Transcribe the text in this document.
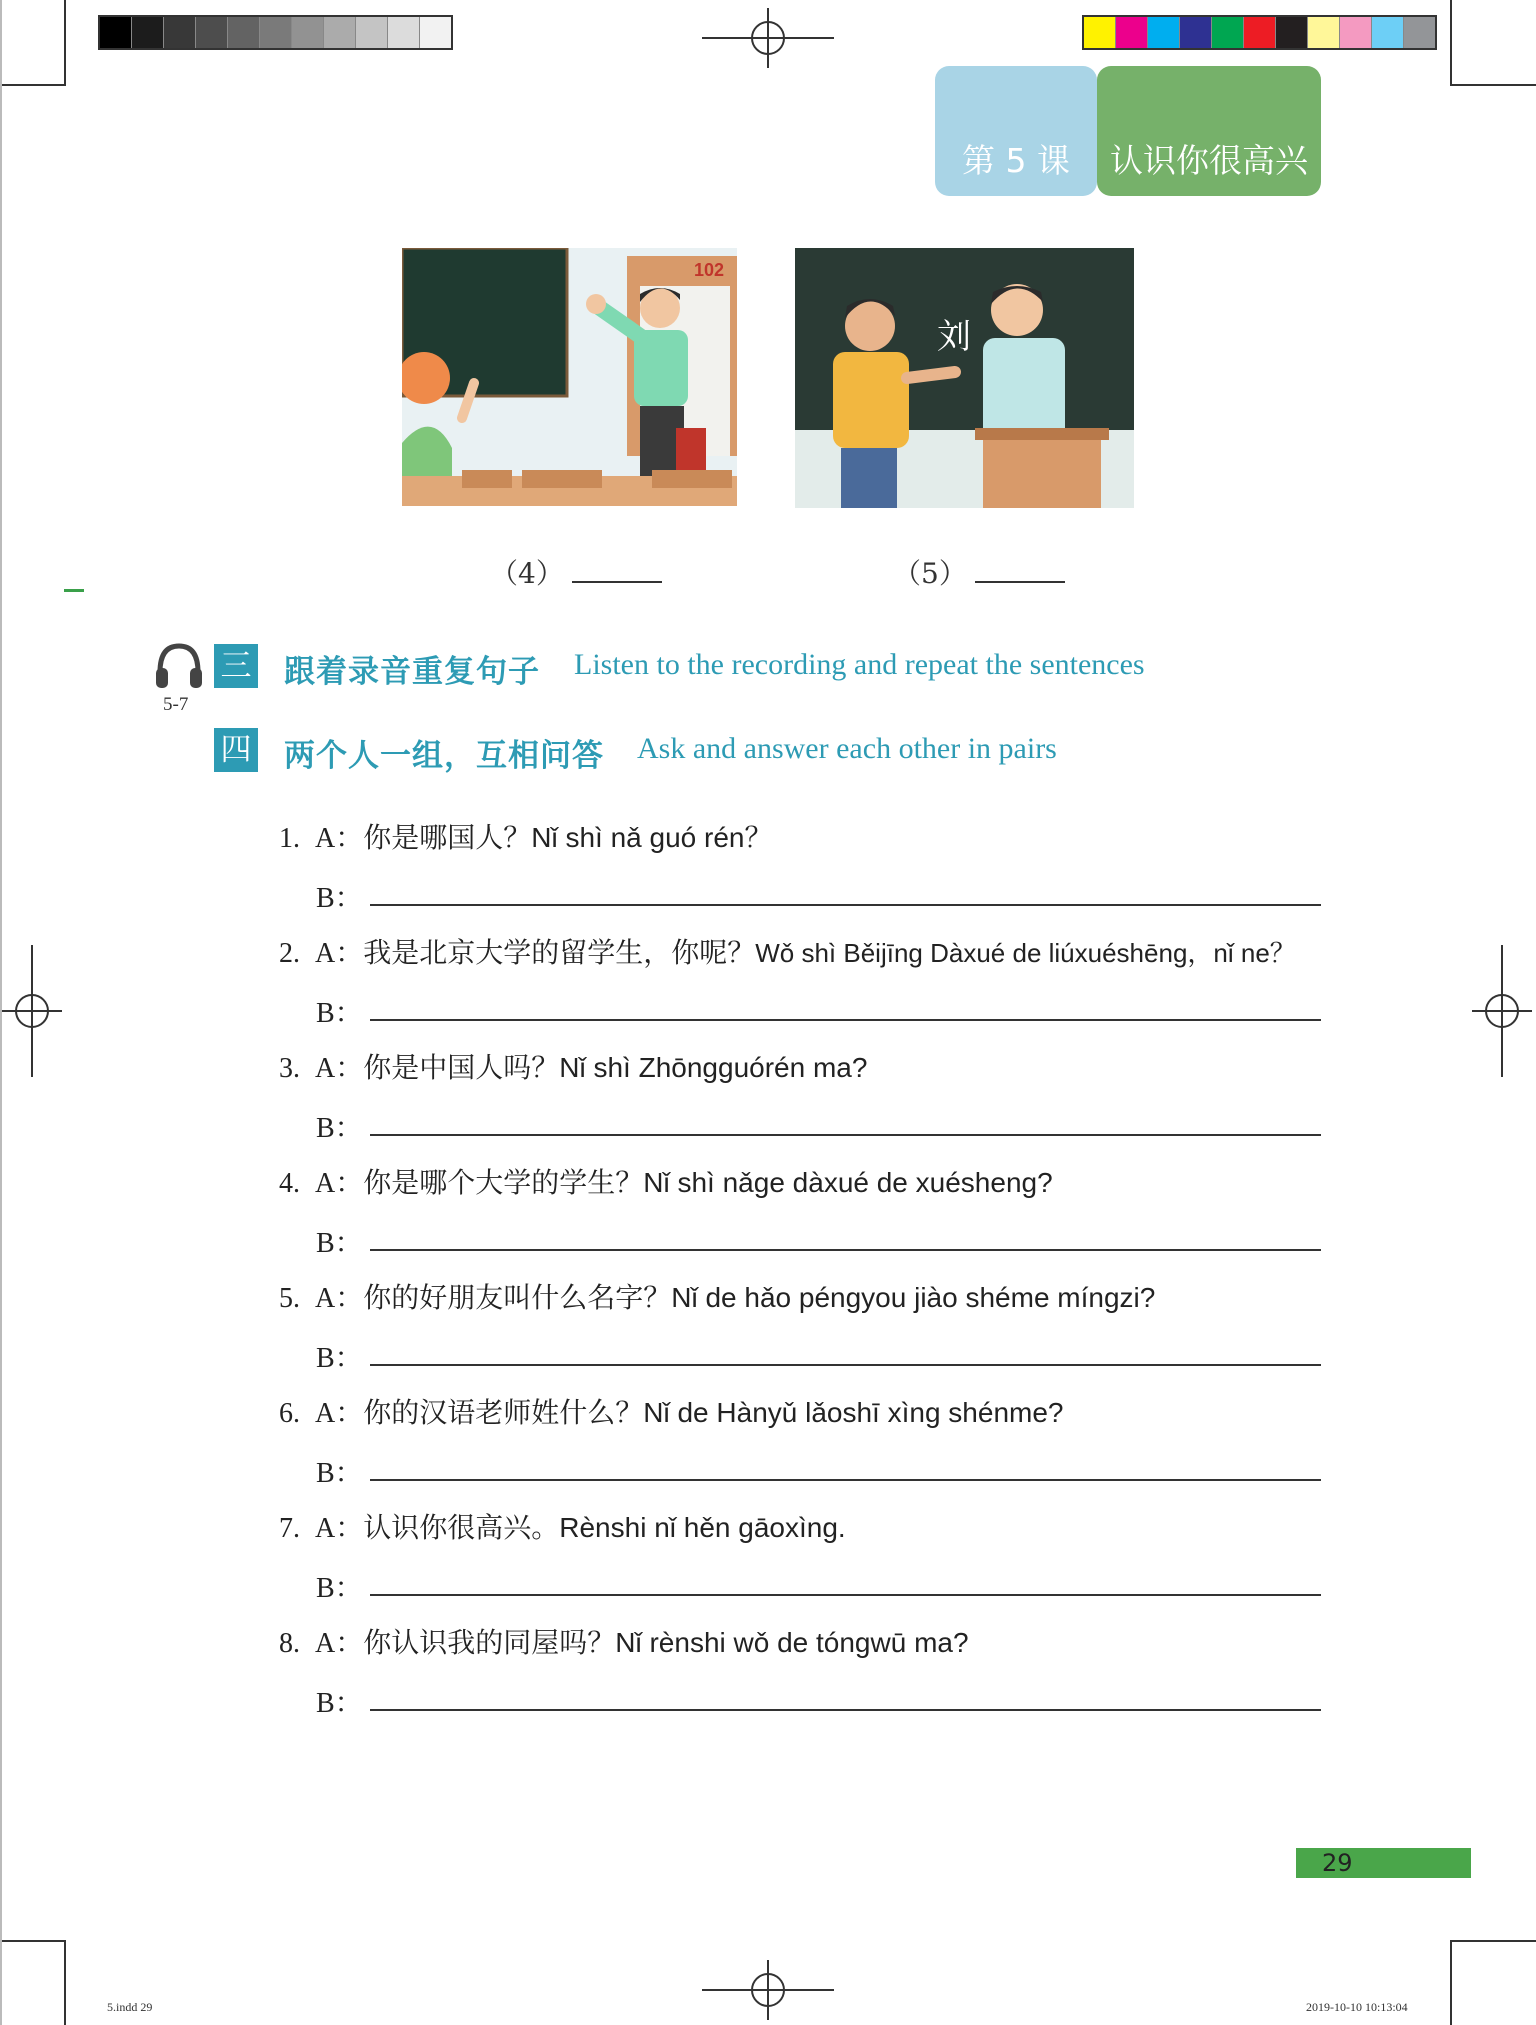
第 5 课 认识你很高兴
102
刘
（4）	（5）
5-7
三 跟着录音重复句子 Listen to the recording and repeat the sentences
四 两个人一组，互相问答 Ask and answer each other in pairs
1. A：你是哪国人？Nǐ shì nǎ guó rén？
B：
2. A：我是北京大学的留学生，你呢？Wǒ shì Běijīng Dàxué de liúxuéshēng，nǐ ne？
B：
3. A：你是中国人吗？Nǐ shì Zhōngguórén ma?
B：
4. A：你是哪个大学的学生？Nǐ shì nǎge dàxué de xuésheng?
B：
5. A：你的好朋友叫什么名字？Nǐ de hǎo péngyou jiào shéme míngzi?
B：
6. A：你的汉语老师姓什么？Nǐ de Hànyǔ lǎoshī xìng shénme?
B：
7. A：认识你很高兴。Rènshi nǐ hěn gāoxìng.
B：
8. A：你认识我的同屋吗？Nǐ rènshi wǒ de tóngwū ma?
B：
29
5.indd 29	2019-10-10 10:13:04
